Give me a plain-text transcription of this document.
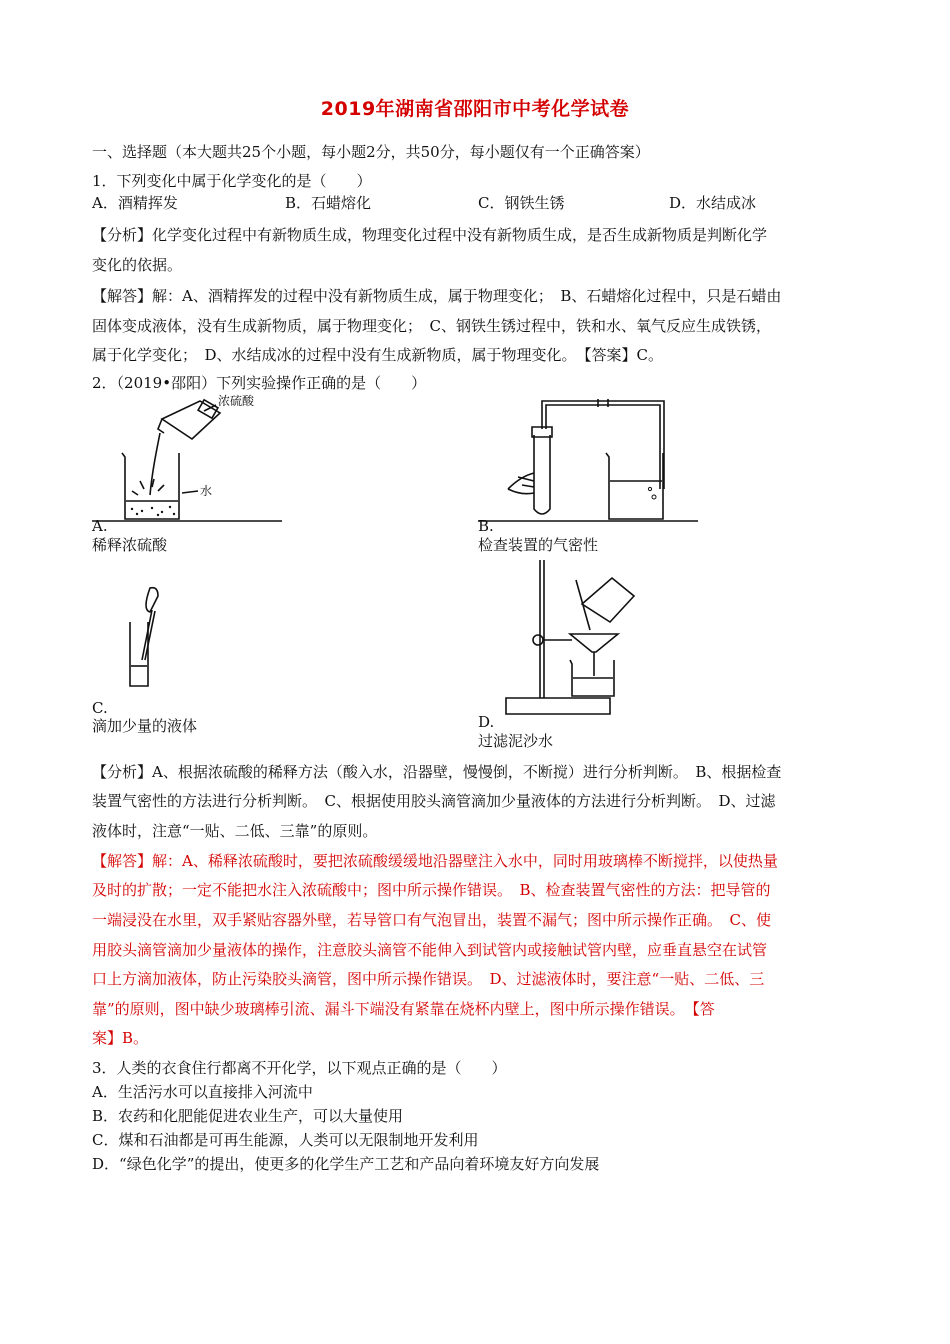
2019年湖南省邵阳市中考化学试卷
一、选择题（本大题共25个小题，每小题2分，共50分，每小题仅有一个正确答案）
1．下列变化中属于化学变化的是（　　）
A．酒精挥发	B．石蜡熔化	C．钢铁生锈	D．水结成冰
【分析】化学变化过程中有新物质生成，物理变化过程中没有新物质生成，是否生成新物质是判断化学
变化的依据。
【解答】解：A、酒精挥发的过程中没有新物质生成，属于物理变化；　B、石蜡熔化过程中，只是石蜡由
固体变成液体，没有生成新物质，属于物理变化；　C、钢铁生锈过程中，铁和水、氧气反应生成铁锈，
属于化学变化；　D、水结成冰的过程中没有生成新物质，属于物理变化。　【答案】C。
2．（2019•邵阳）下列实验操作正确的是（　　）
浓硫酸
水
A.
稀释浓硫酸
B.
检查装置的气密性
C.
滴加少量的液体	D.
过滤泥沙水
【分析】A、根据浓硫酸的稀释方法（酸入水，沿器壁，慢慢倒，不断搅）进行分析判断。　B、根据检查
装置气密性的方法进行分析判断。　C、根据使用胶头滴管滴加少量液体的方法进行分析判断。　D、过滤
液体时，注意“一贴、二低、三靠”的原则。
【解答】解：A、稀释浓硫酸时，要把浓硫酸缓缓地沿器壁注入水中，同时用玻璃棒不断搅拌，以使热量
及时的扩散；一定不能把水注入浓硫酸中；图中所示操作错误。　B、检查装置气密性的方法：把导管的
一端浸没在水里，双手紧贴容器外壁，若导管口有气泡冒出，装置不漏气；图中所示操作正确。　C、使
用胶头滴管滴加少量液体的操作，注意胶头滴管不能伸入到试管内或接触试管内壁，应垂直悬空在试管
口上方滴加液体，防止污染胶头滴管，图中所示操作错误。　D、过滤液体时，要注意“一贴、二低、三
靠”的原则，图中缺少玻璃棒引流、漏斗下端没有紧靠在烧杯内壁上，图中所示操作错误。　【答
案】B。
3．人类的衣食住行都离不开化学，以下观点正确的是（　　）
A．生活污水可以直接排入河流中
B．农药和化肥能促进农业生产，可以大量使用
C．煤和石油都是可再生能源，人类可以无限制地开发利用
D．“绿色化学”的提出，使更多的化学生产工艺和产品向着环境友好方向发展
